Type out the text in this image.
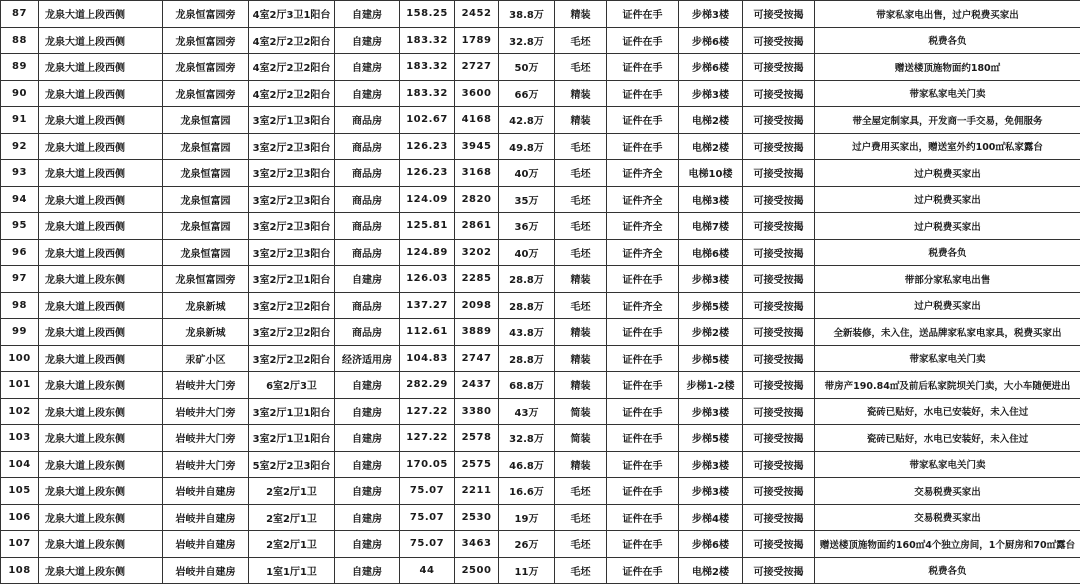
87	龙泉大道上段西侧	龙泉恒富园旁	4室2厅3卫1阳台	自建房	158.25	2452	38.8万	精装	证件在手	步梯3楼	可接受按揭	带家私家电出售，过户税费买家出
88	龙泉大道上段西侧	龙泉恒富园旁	4室2厅2卫2阳台	自建房	183.32	1789	32.8万	毛坯	证件在手	步梯6楼	可接受按揭	税费各负
89	龙泉大道上段西侧	龙泉恒富园旁	4室2厅2卫2阳台	自建房	183.32	2727	50万	毛坯	证件在手	步梯6楼	可接受按揭	赠送楼顶施物面约180㎡
90	龙泉大道上段西侧	龙泉恒富园旁	4室2厅2卫2阳台	自建房	183.32	3600	66万	精装	证件在手	步梯3楼	可接受按揭	带家私家电关门卖
91	龙泉大道上段西侧	龙泉恒富园	3室2厅1卫3阳台	商品房	102.67	4168	42.8万	精装	证件在手	电梯2楼	可接受按揭	带全屋定制家具，开发商一手交易，免佣服务
92	龙泉大道上段西侧	龙泉恒富园	3室2厅2卫3阳台	商品房	126.23	3945	49.8万	毛坯	证件在手	电梯2楼	可接受按揭	过户费用买家出，赠送室外约100㎡私家露台
93	龙泉大道上段西侧	龙泉恒富园	3室2厅2卫3阳台	商品房	126.23	3168	40万	毛坯	证件齐全	电梯10楼	可接受按揭	过户税费买家出
94	龙泉大道上段西侧	龙泉恒富园	3室2厅2卫3阳台	商品房	124.09	2820	35万	毛坯	证件齐全	电梯3楼	可接受按揭	过户税费买家出
95	龙泉大道上段西侧	龙泉恒富园	3室2厅2卫3阳台	商品房	125.81	2861	36万	毛坯	证件齐全	电梯7楼	可接受按揭	过户税费买家出
96	龙泉大道上段西侧	龙泉恒富园	3室2厅2卫3阳台	商品房	124.89	3202	40万	毛坯	证件齐全	电梯6楼	可接受按揭	税费各负
97	龙泉大道上段东侧	龙泉恒富园旁	3室2厅2卫1阳台	自建房	126.03	2285	28.8万	精装	证件在手	步梯3楼	可接受按揭	带部分家私家电出售
98	龙泉大道上段西侧	龙泉新城	3室2厅2卫2阳台	商品房	137.27	2098	28.8万	毛坯	证件齐全	步梯5楼	可接受按揭	过户税费买家出
99	龙泉大道上段西侧	龙泉新城	3室2厅2卫2阳台	商品房	112.61	3889	43.8万	精装	证件在手	步梯2楼	可接受按揭	全新装修，未入住，送品牌家私家电家具，税费买家出
100	龙泉大道上段西侧	汞矿小区	3室2厅2卫2阳台	经济适用房	104.83	2747	28.8万	精装	证件在手	步梯5楼	可接受按揭	带家私家电关门卖
101	龙泉大道上段东侧	岩岐井大门旁	6室2厅3卫	自建房	282.29	2437	68.8万	精装	证件在手	步梯1-2楼	可接受按揭	带房产190.84㎡及前后私家院坝关门卖，大小车随便进出
102	龙泉大道上段东侧	岩岐井大门旁	3室2厅1卫1阳台	自建房	127.22	3380	43万	简装	证件在手	步梯3楼	可接受按揭	瓷砖已贴好，水电已安装好，未入住过
103	龙泉大道上段东侧	岩岐井大门旁	3室2厅1卫1阳台	自建房	127.22	2578	32.8万	简装	证件在手	步梯5楼	可接受按揭	瓷砖已贴好，水电已安装好，未入住过
104	龙泉大道上段东侧	岩岐井大门旁	5室2厅2卫3阳台	自建房	170.05	2575	46.8万	精装	证件在手	步梯3楼	可接受按揭	带家私家电关门卖
105	龙泉大道上段东侧	岩岐井自建房	2室2厅1卫	自建房	75.07	2211	16.6万	毛坯	证件在手	步梯3楼	可接受按揭	交易税费买家出
106	龙泉大道上段东侧	岩岐井自建房	2室2厅1卫	自建房	75.07	2530	19万	毛坯	证件在手	步梯4楼	可接受按揭	交易税费买家出
107	龙泉大道上段东侧	岩岐井自建房	2室2厅1卫	自建房	75.07	3463	26万	毛坯	证件在手	步梯6楼	可接受按揭	赠送楼顶施物面约160㎡4个独立房间，1个厨房和70㎡露台
108	龙泉大道上段东侧	岩岐井自建房	1室1厅1卫	自建房	44	2500	11万	毛坯	证件在手	电梯2楼	可接受按揭	税费各负
